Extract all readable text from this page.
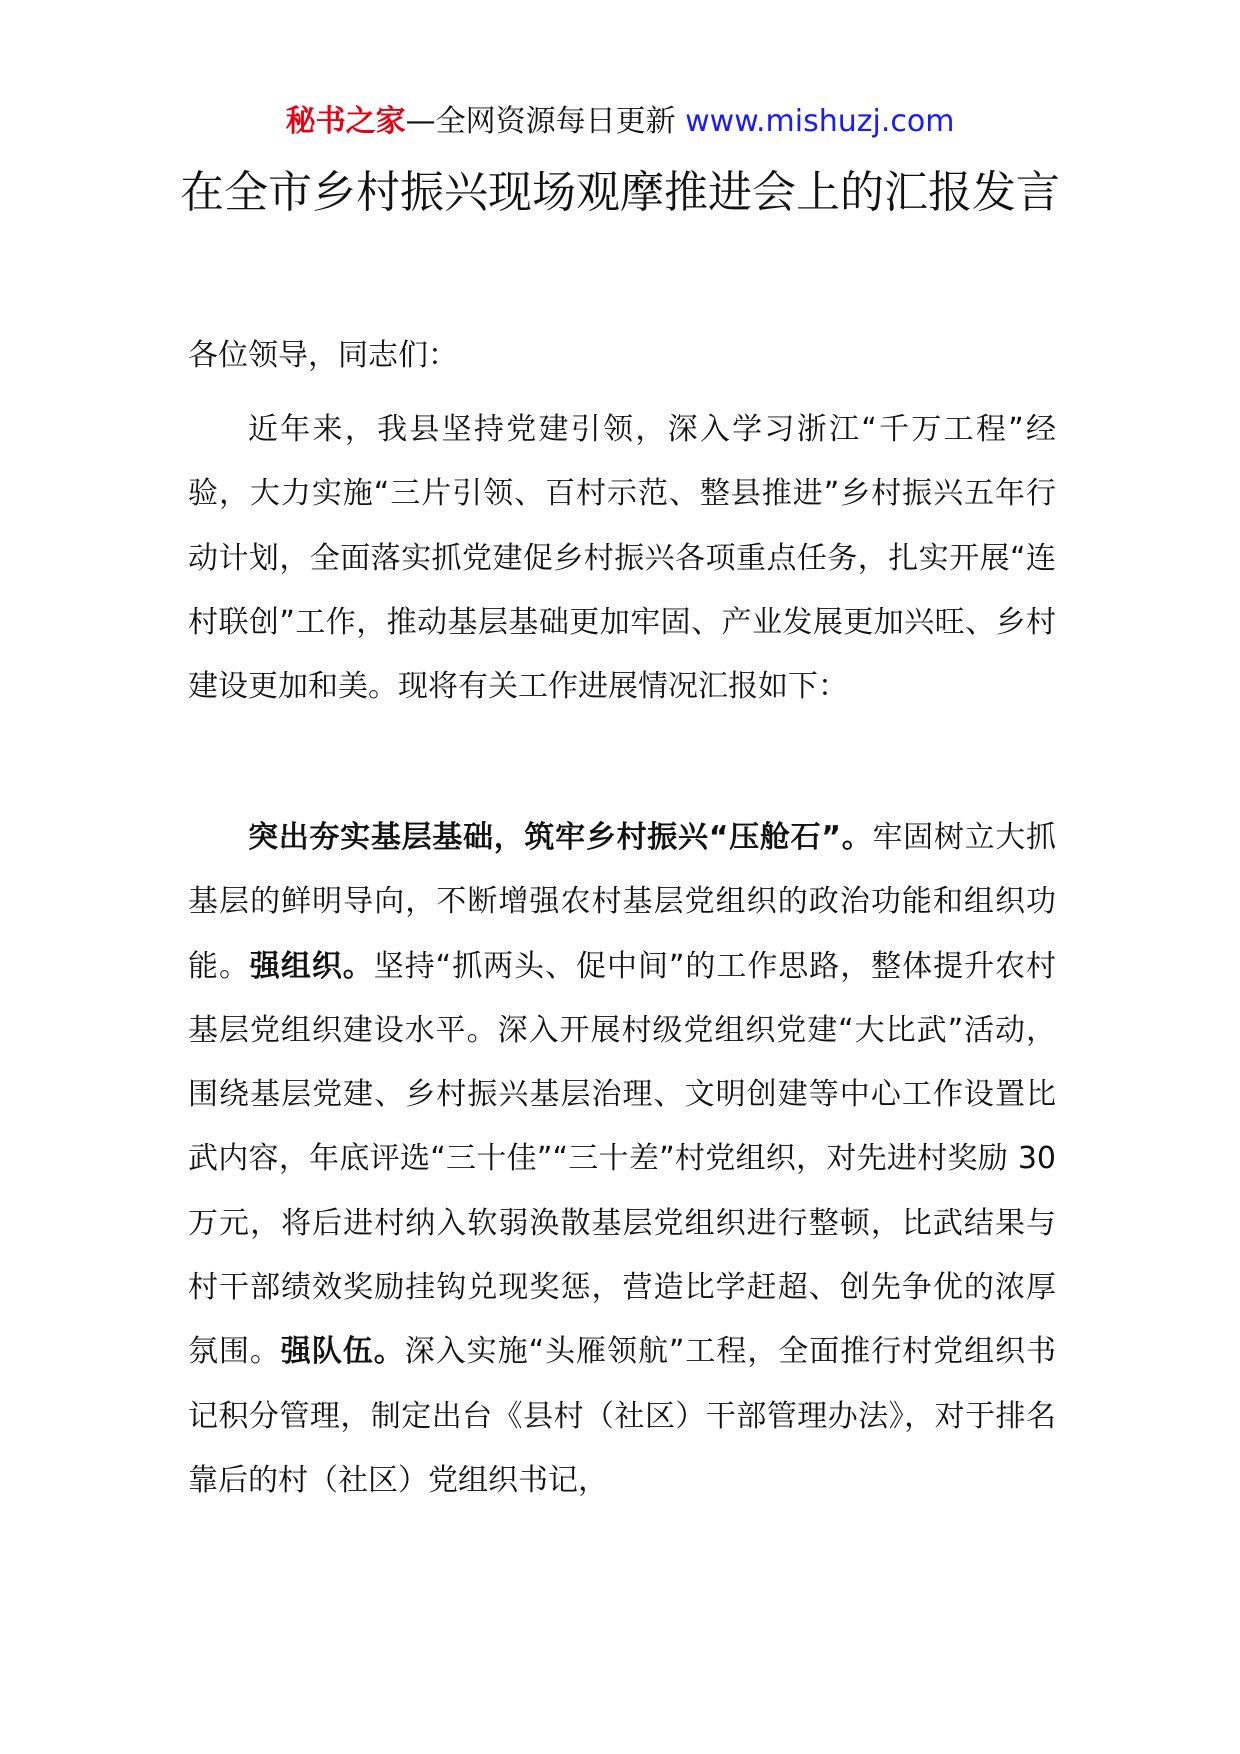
秘书之家—全网资源每日更新 www.mishuzj.com
在全市乡村振兴现场观摩推进会上的汇报发言
各位领导，同志们：
近年来，我县坚持党建引领，深入学习浙江“千万工程”经验，大力实施“三片引领、百村示范、整县推进”乡村振兴五年行动计划，全面落实抓党建促乡村振兴各项重点任务，扎实开展“连村联创”工作，推动基层基础更加牢固、产业发展更加兴旺、乡村建设更加和美。现将有关工作进展情况汇报如下：
突出夯实基层基础，筑牢乡村振兴“压舱石”。牢固树立大抓基层的鲜明导向，不断增强农村基层党组织的政治功能和组织功能。强组织。坚持“抓两头、促中间”的工作思路，整体提升农村基层党组织建设水平。深入开展村级党组织党建“大比武”活动，围绕基层党建、乡村振兴基层治理、文明创建等中心工作设置比武内容，年底评选“三十佳”“三十差”村党组织，对先进村奖励 30 万元，将后进村纳入软弱涣散基层党组织进行整顿，比武结果与村干部绩效奖励挂钩兑现奖惩，营造比学赶超、创先争优的浓厚氛围。强队伍。深入实施“头雁领航”工程，全面推行村党组织书记积分管理，制定出台《县村（社区）干部管理办法》，对于排名靠后的村（社区）党组织书记，
